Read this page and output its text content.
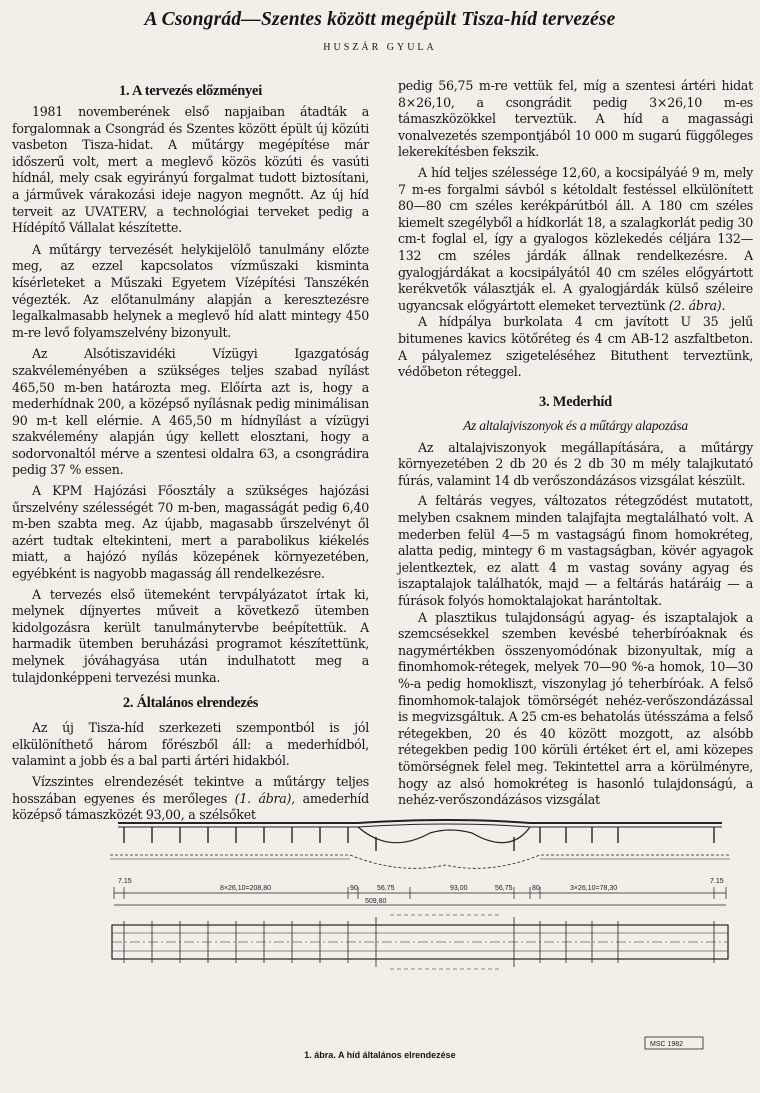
A Csongrád—Szentes között megépült Tisza-híd tervezése
HUSZÁR GYULA
1. A tervezés előzményei

1981 novemberének első napjaiban átadták a forgalomnak a Csongrád és Szentes között épült új közúti vasbeton Tisza-hidat. A műtárgy megépítése már időszerű volt, mert a meglevő közös közúti és vasúti hídnál, mely csak egyirányú forgalmat tudott biztosítani, a járművek várakozási ideje nagyon megnőtt. Az új híd terveit az UVATERV, a technológiai terveket pedig a Hídépítő Vállalat készítette.

A műtárgy tervezését helykijelölő tanulmány előzte meg, az ezzel kapcsolatos vízműszaki kisminta kísérleteket a Műszaki Egyetem Vízépítési Tanszékén végezték. Az előtanulmány alapján a keresztezésre legalkalmasabb helynek a meglevő híd alatt mintegy 450 m-re levő folyamszelvény bizonyult.

Az Alsótiszavidéki Vízügyi Igazgatóság szakvéleményében a szükséges teljes szabad nyílást 465,50 m-ben határozta meg. Előírta azt is, hogy a mederhídnak 200, a középső nyílásnak pedig minimálisan 90 m-t kell elérnie. A 465,50 m hídnyílást a vízügyi szakvélemény alapján úgy kellett elosztani, hogy a sodorvonaltól mérve a szentesi oldalra 63, a csongrádira pedig 37 % essen.

A KPM Hajózási Főosztály a szükséges hajózási űrszelvény szélességét 70 m-ben, magasságát pedig 6,40 m-ben szabta meg. Az újabb, magasabb űrszelvényt ől azért tudtak eltekinteni, mert a parabolikus kiékelés miatt, a hajózó nyílás közepének környezetében, egyébként is nagyobb magasság áll rendelkezésre.

A tervezés első ütemeként tervpályázatot írtak ki, melynek díjnyertes műveit a következő ütemben kidolgozásra került tanulmánytervbe beépítettük. A harmadik ütemben beruházási programot készítettünk, melynek jóváhagyása után indulhatott meg a tulajdonképpeni tervezési munka.

2. Általános elrendezés

Az új Tisza-híd szerkezeti szempontból is jól elkülöníthető három főrészből áll: a mederhídból, valamint a jobb és a bal parti ártéri hidakból.

Vízszintes elrendezését tekintve a műtárgy teljes hosszában egyenes és merőleges (1. ábra), amederhíd középső támaszközét 93,00, a szélsőket

pedig 56,75 m-re vettük fel, míg a szentesi ártéri hidat 8×26,10, a csongrádit pedig 3×26,10 m-es támaszközökkel terveztük. A híd a magassági vonalvezetés szempontjából 10 000 m sugarú függőleges lekerekítésben fekszik.

A híd teljes szélessége 12,60, a kocsipályáé 9 m, mely 7 m-es forgalmi sávból s kétoldalt festéssel elkülönített 80—80 cm széles kerékpárútból áll. A 180 cm széles kiemelt szegélyből a hídkorlát 18, a szalagkorlát pedig 30 cm-t foglal el, így a gyalogos közlekedés céljára 132—132 cm széles járdák állnak rendelkezésre. A gyalogjárdákat a kocsipályától 40 cm széles előgyártott kerékvetők választják el. A gyalogjárdák külső széleire ugyancsak előgyártott elemeket terveztünk (2. ábra).

A hídpálya burkolata 4 cm javított U 35 jelű bitumenes kavics kötőréteg és 4 cm AB-12 aszfaltbeton. A pályalemez szigeteléséhez Bituthent terveztünk, védőbeton réteggel.

3. Mederhíd
Az altalajviszonyok és a műtárgy alapozása

Az altalajviszonyok megállapítására, a műtárgy környezetében 2 db 20 és 2 db 30 m mély talajkutató fúrás, valamint 14 db verőszondázásos vizsgálat készült.

A feltárás vegyes, változatos rétegződést mutatott, melyben csaknem minden talajfajta megtalálható volt. A mederben felül 4—5 m vastagságú finom homokréteg, alatta pedig, mintegy 6 m vastagságban, kövér agyagok jelentkeztek, ez alatt 4 m vastag sovány agyag és iszaptalajok találhatók, majd — a feltárás határáig — a fúrások folyós homoktalajokat harántoltak.

A plasztikus tulajdonságú agyag- és iszaptalajok a szemcsésekkel szemben kevésbé teherbíróaknak és nagymértékben összenyomódónak bizonyultak, míg a finomhomok-rétegek, melyek 70—90 %-a homok, 10—30 %-a pedig homokliszt, viszonylag jó teherbíróak. A felső finomhomok-talajok tömörségét nehéz-verőszondázással is megvizsgáltuk. A 25 cm-es behatolás ütésszáma a felső rétegekben, 20 és 40 között mozgott, az alsóbb rétegekben pedig 100 körüli értéket ért el, ami közepes tömörségnek felel meg. Tekintettel arra a körülményre, hogy az alsó homokréteg is hasonló tulajdonságú, a nehéz-verőszondázásos vizsgálat

7.15
8×26,10=208,80	90	56,75	93,00	56,75	80	3×26,10=78,30
7.15
509,80
MSC 1982
1. ábra. A híd általános elrendezése
